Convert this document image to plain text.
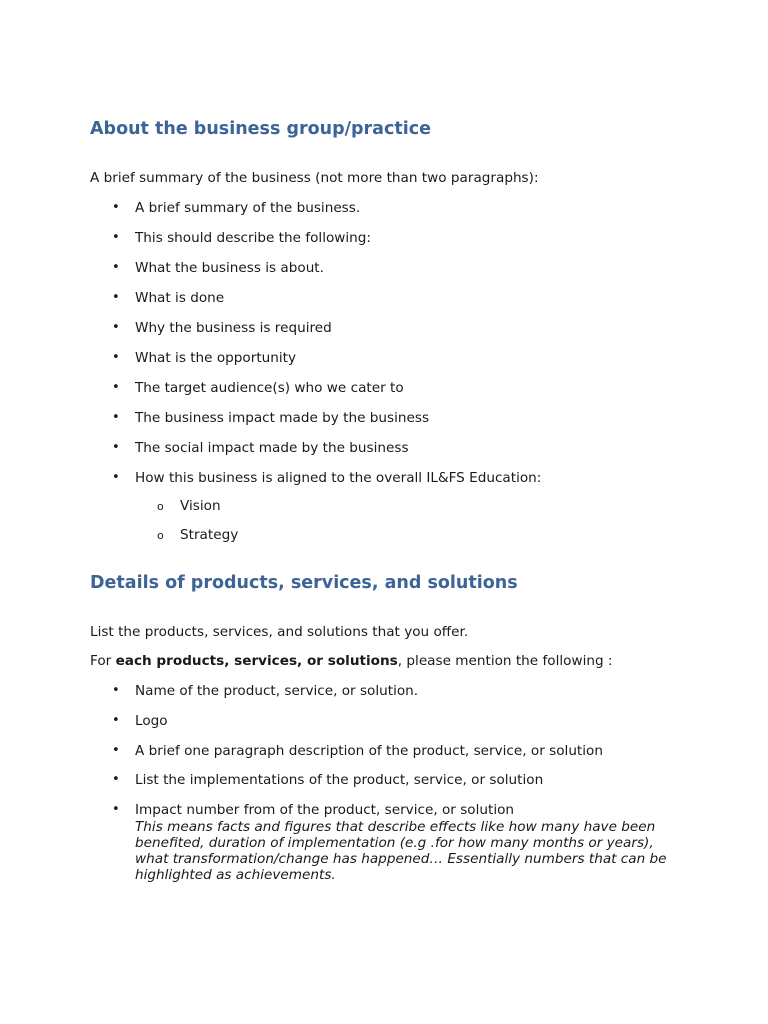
About the business group/practice

A brief summary of the business (not more than two paragraphs):

• A brief summary of the business.
• This should describe the following:
• What the business is about.
• What is done
• Why the business is required
• What is the opportunity
• The target audience(s) who we cater to
• The business impact made by the business
• The social impact made by the business
• How this business is aligned to the overall IL&FS Education:
o Vision
o Strategy
Details of products, services, and solutions

List the products, services, and solutions that you offer.

For each products, services, or solutions, please mention the following :

• Name of the product, service, or solution.
• Logo
• A brief one paragraph description of the product, service, or solution
• List the implementations of the product, service, or solution
• Impact number from of the product, service, or solution
This means facts and figures that describe effects like how many have been
benefited, duration of implementation (e.g .for how many months or years),
what transformation/change has happened… Essentially numbers that can be
highlighted as achievements.
